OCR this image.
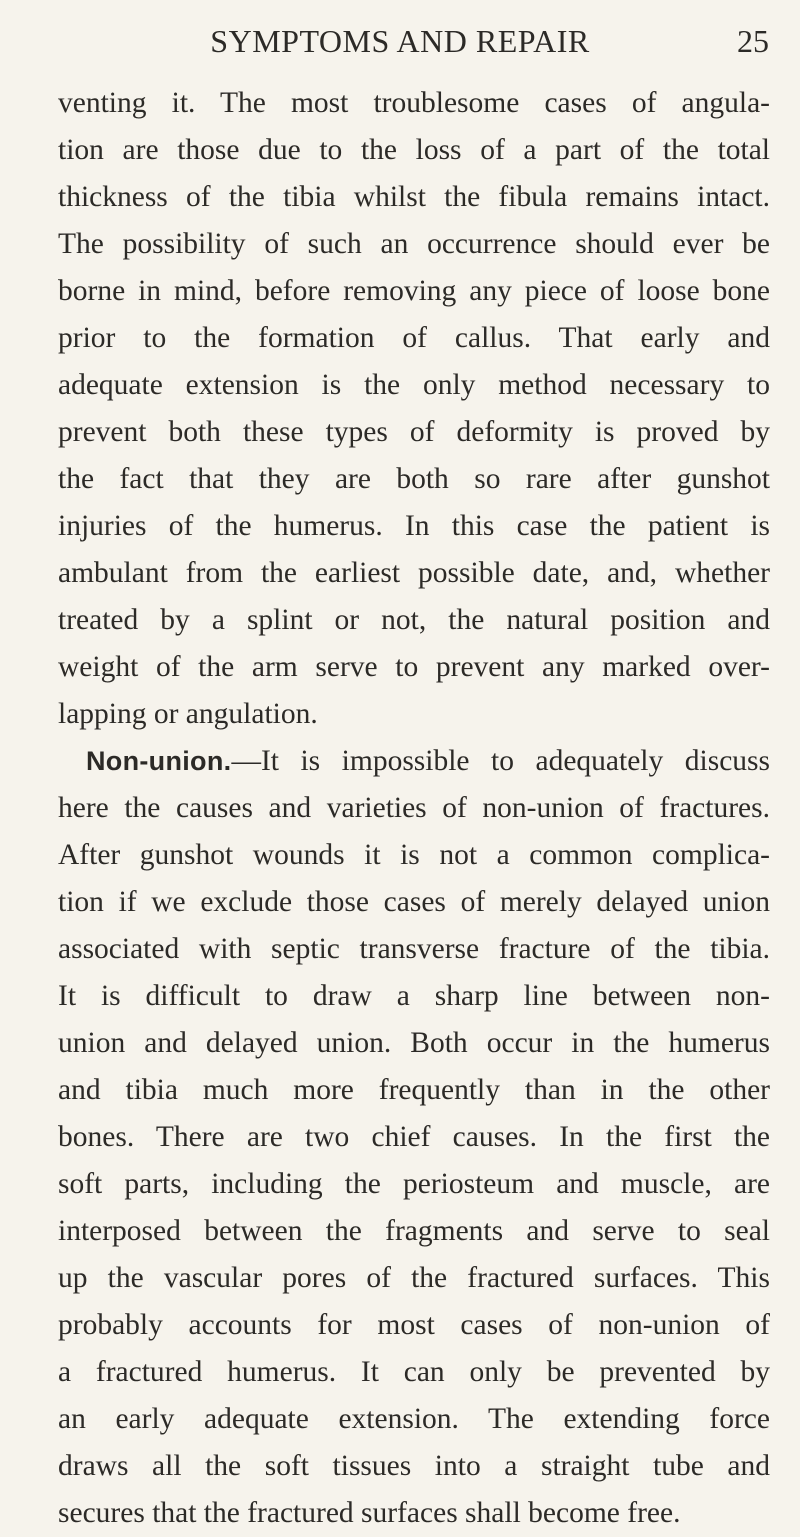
SYMPTOMS AND REPAIR	25
venting it. The most troublesome cases of angula-
tion are those due to the loss of a part of the total
thickness of the tibia whilst the fibula remains intact.
The possibility of such an occurrence should ever be
borne in mind, before removing any piece of loose bone
prior to the formation of callus. That early and
adequate extension is the only method necessary to
prevent both these types of deformity is proved by
the fact that they are both so rare after gunshot
injuries of the humerus. In this case the patient is
ambulant from the earliest possible date, and, whether
treated by a splint or not, the natural position and
weight of the arm serve to prevent any marked over-
lapping or angulation.
Non-union.—It is impossible to adequately discuss
here the causes and varieties of non-union of fractures.
After gunshot wounds it is not a common complica-
tion if we exclude those cases of merely delayed union
associated with septic transverse fracture of the tibia.
It is difficult to draw a sharp line between non-
union and delayed union. Both occur in the humerus
and tibia much more frequently than in the other
bones. There are two chief causes. In the first the
soft parts, including the periosteum and muscle, are
interposed between the fragments and serve to seal
up the vascular pores of the fractured surfaces. This
probably accounts for most cases of non-union of
a fractured humerus. It can only be prevented by
an early adequate extension. The extending force
draws all the soft tissues into a straight tube and
secures that the fractured surfaces shall become free.
